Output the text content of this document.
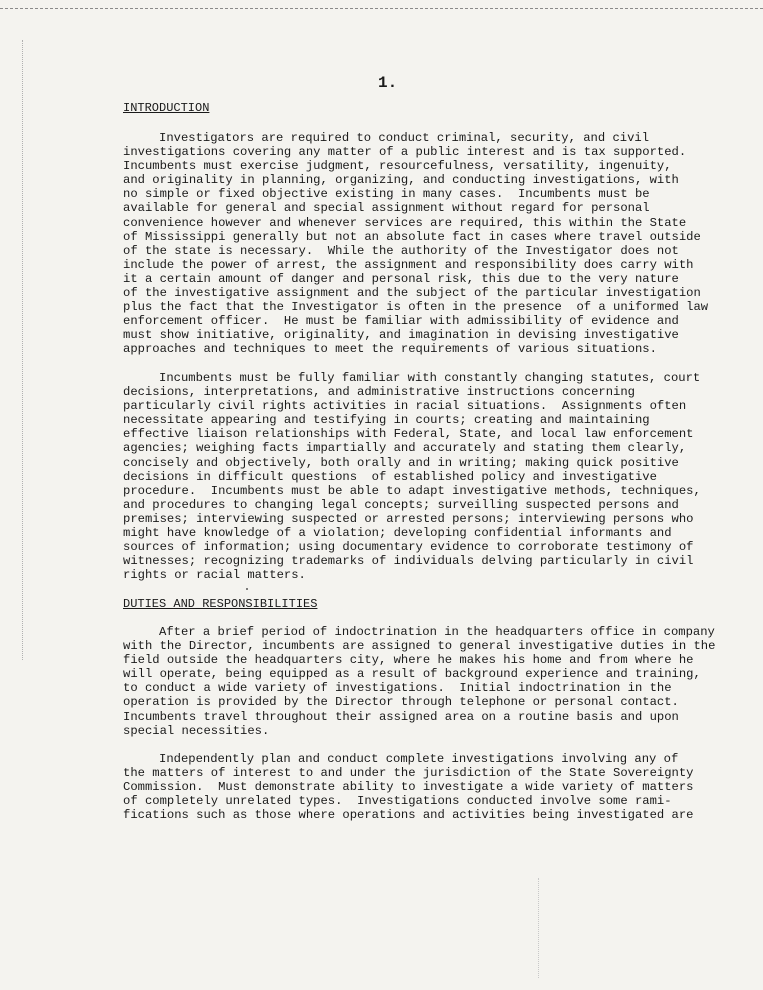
1.
INTRODUCTION
Investigators are required to conduct criminal, security, and civil
investigations covering any matter of a public interest and is tax supported.
Incumbents must exercise judgment, resourcefulness, versatility, ingenuity,
and originality in planning, organizing, and conducting investigations, with
no simple or fixed objective existing in many cases.  Incumbents must be
available for general and special assignment without regard for personal
convenience however and whenever services are required, this within the State
of Mississippi generally but not an absolute fact in cases where travel outside
of the state is necessary.  While the authority of the Investigator does not
include the power of arrest, the assignment and responsibility does carry with
it a certain amount of danger and personal risk, this due to the very nature
of the investigative assignment and the subject of the particular investigation
plus the fact that the Investigator is often in the presence  of a uniformed law
enforcement officer.  He must be familiar with admissibility of evidence and
must show initiative, originality, and imagination in devising investigative
approaches and techniques to meet the requirements of various situations.
Incumbents must be fully familiar with constantly changing statutes, court
decisions, interpretations, and administrative instructions concerning
particularly civil rights activities in racial situations.  Assignments often
necessitate appearing and testifying in courts; creating and maintaining
effective liaison relationships with Federal, State, and local law enforcement
agencies; weighing facts impartially and accurately and stating them clearly,
concisely and objectively, both orally and in writing; making quick positive
decisions in difficult questions  of established policy and investigative
procedure.  Incumbents must be able to adapt investigative methods, techniques,
and procedures to changing legal concepts; surveilling suspected persons and
premises; interviewing suspected or arrested persons; interviewing persons who
might have knowledge of a violation; developing confidential informants and
sources of information; using documentary evidence to corroborate testimony of
witnesses; recognizing trademarks of individuals delving particularly in civil
rights or racial matters.
DUTIES AND RESPONSIBILITIES
After a brief period of indoctrination in the headquarters office in company
with the Director, incumbents are assigned to general investigative duties in the
field outside the headquarters city, where he makes his home and from where he
will operate, being equipped as a result of background experience and training,
to conduct a wide variety of investigations.  Initial indoctrination in the
operation is provided by the Director through telephone or personal contact.
Incumbents travel throughout their assigned area on a routine basis and upon
special necessities.
Independently plan and conduct complete investigations involving any of
the matters of interest to and under the jurisdiction of the State Sovereignty
Commission.  Must demonstrate ability to investigate a wide variety of matters
of completely unrelated types.  Investigations conducted involve some rami-
fications such as those where operations and activities being investigated are
